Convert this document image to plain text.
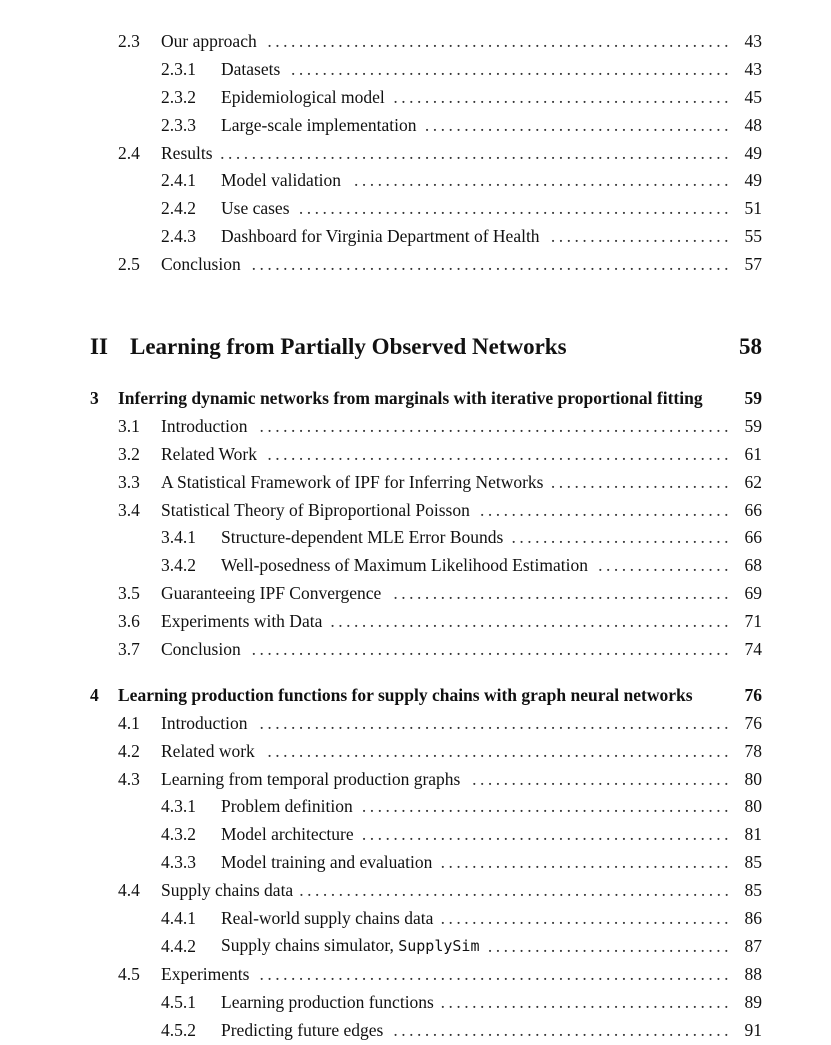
2.3	Our approach ........................................................... 43
2.3.1	Datasets ........................................................ 43
2.3.2	Epidemiological model ........................................... 45
2.3.3	Large-scale implementation ....................................... 48
2.4	Results ................................................................. 49
2.4.1	Model validation ................................................ 49
2.4.2	Use cases ....................................................... 51
2.4.3	Dashboard for Virginia Department of Health ....................... 55
2.5	Conclusion ............................................................. 57
II Learning from Partially Observed Networks	58
3	Inferring dynamic networks from marginals with iterative proportional fitting	59
3.1	Introduction ............................................................ 59
3.2	Related Work ........................................................... 61
3.3	A Statistical Framework of IPF for Inferring Networks ....................... 62
3.4	Statistical Theory of Biproportional Poisson ................................ 66
3.4.1	Structure-dependent MLE Error Bounds ............................ 66
3.4.2	Well-posedness of Maximum Likelihood Estimation ................. 68
3.5	Guaranteeing IPF Convergence ........................................... 69
3.6	Experiments with Data ................................................... 71
3.7	Conclusion ............................................................. 74
4	Learning production functions for supply chains with graph neural networks	76
4.1	Introduction ............................................................ 76
4.2	Related work ........................................................... 78
4.3	Learning from temporal production graphs ................................. 80
4.3.1	Problem definition ............................................... 80
4.3.2	Model architecture ............................................... 81
4.3.3	Model training and evaluation ..................................... 85
4.4	Supply chains data ....................................................... 85
4.4.1	Real-world supply chains data ..................................... 86
4.4.2	Supply chains simulator, SupplySim ............................... 87
4.5	Experiments ............................................................ 88
4.5.1	Learning production functions ..................................... 89
4.5.2	Predicting future edges ........................................... 91
